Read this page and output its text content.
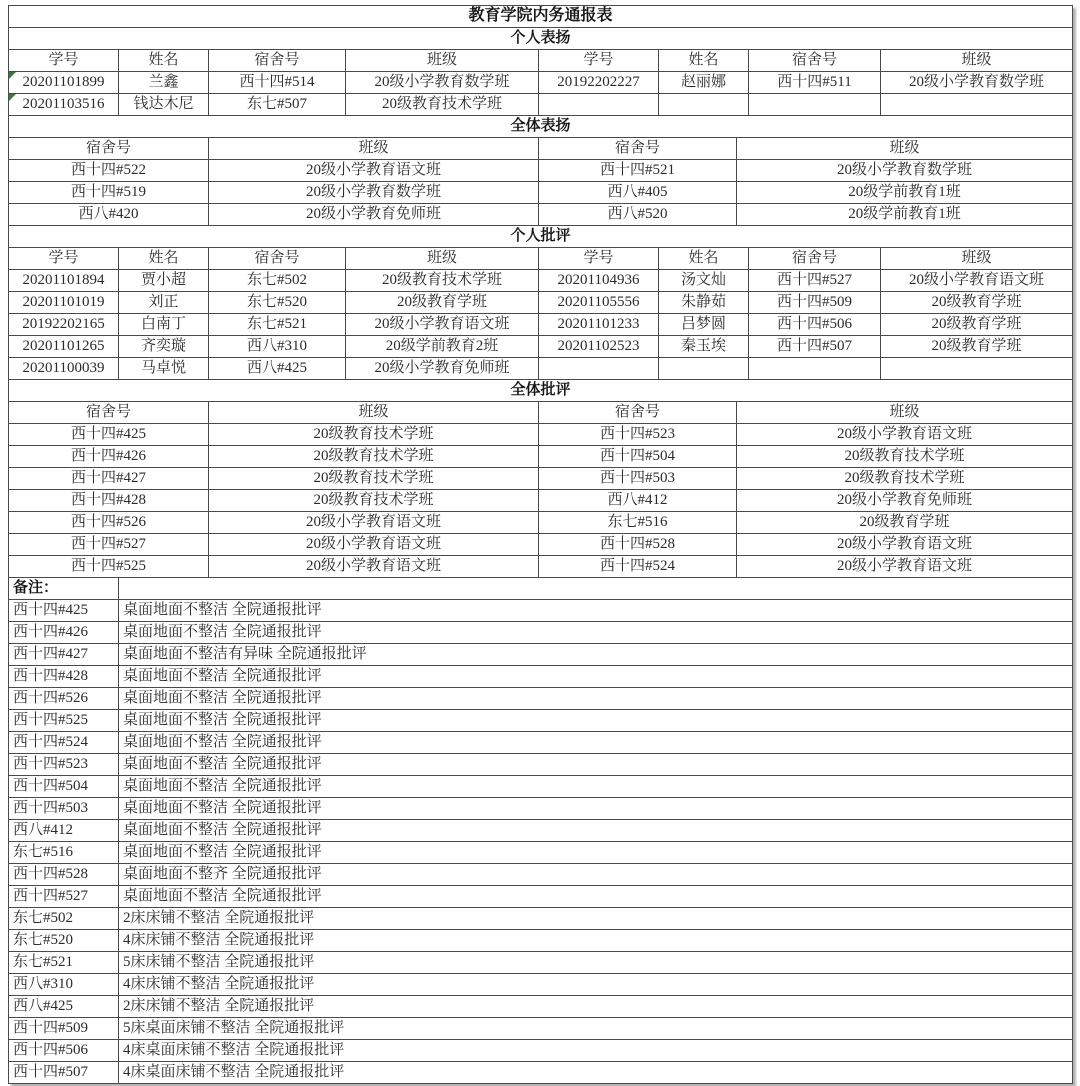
教育学院内务通报表
个人表扬
学号	姓名	宿舍号	班级	学号	姓名	宿舍号	班级
20201101899	兰鑫	西十四#514	20级小学教育数学班	20192202227	赵丽娜	西十四#511	20级小学教育数学班
20201103516	钱达木尼	东七#507	20级教育技术学班
全体表扬
宿舍号	班级	宿舍号	班级
西十四#522	20级小学教育语文班	西十四#521	20级小学教育数学班
西十四#519	20级小学教育数学班	西八#405	20级学前教育1班
西八#420	20级小学教育免师班	西八#520	20级学前教育1班
个人批评
学号	姓名	宿舍号	班级	学号	姓名	宿舍号	班级
20201101894	贾小超	东七#502	20级教育技术学班	20201104936	汤文灿	西十四#527	20级小学教育语文班
20201101019	刘正	东七#520	20级教育学班	20201105556	朱静茹	西十四#509	20级教育学班
20192202165	白南丁	东七#521	20级小学教育语文班	20201101233	吕梦圆	西十四#506	20级教育学班
20201101265	齐奕璇	西八#310	20级学前教育2班	20201102523	秦玉埃	西十四#507	20级教育学班
20201100039	马卓悦	西八#425	20级小学教育免师班
全体批评
宿舍号	班级	宿舍号	班级
西十四#425	20级教育技术学班	西十四#523	20级小学教育语文班
西十四#426	20级教育技术学班	西十四#504	20级教育技术学班
西十四#427	20级教育技术学班	西十四#503	20级教育技术学班
西十四#428	20级教育技术学班	西八#412	20级小学教育免师班
西十四#526	20级小学教育语文班	东七#516	20级教育学班
西十四#527	20级小学教育语文班	西十四#528	20级小学教育语文班
西十四#525	20级小学教育语文班	西十四#524	20级小学教育语文班
备注：
西十四#425	桌面地面不整洁 全院通报批评
西十四#426	桌面地面不整洁 全院通报批评
西十四#427	桌面地面不整洁有异味 全院通报批评
西十四#428	桌面地面不整洁 全院通报批评
西十四#526	桌面地面不整洁 全院通报批评
西十四#525	桌面地面不整洁 全院通报批评
西十四#524	桌面地面不整洁 全院通报批评
西十四#523	桌面地面不整洁 全院通报批评
西十四#504	桌面地面不整洁 全院通报批评
西十四#503	桌面地面不整洁 全院通报批评
西八#412	桌面地面不整洁 全院通报批评
东七#516	桌面地面不整洁 全院通报批评
西十四#528	桌面地面不整齐 全院通报批评
西十四#527	桌面地面不整洁 全院通报批评
东七#502	2床床铺不整洁 全院通报批评
东七#520	4床床铺不整洁 全院通报批评
东七#521	5床床铺不整洁 全院通报批评
西八#310	4床床铺不整洁 全院通报批评
西八#425	2床床铺不整洁 全院通报批评
西十四#509	5床桌面床铺不整洁 全院通报批评
西十四#506	4床桌面床铺不整洁 全院通报批评
西十四#507	4床桌面床铺不整洁 全院通报批评
